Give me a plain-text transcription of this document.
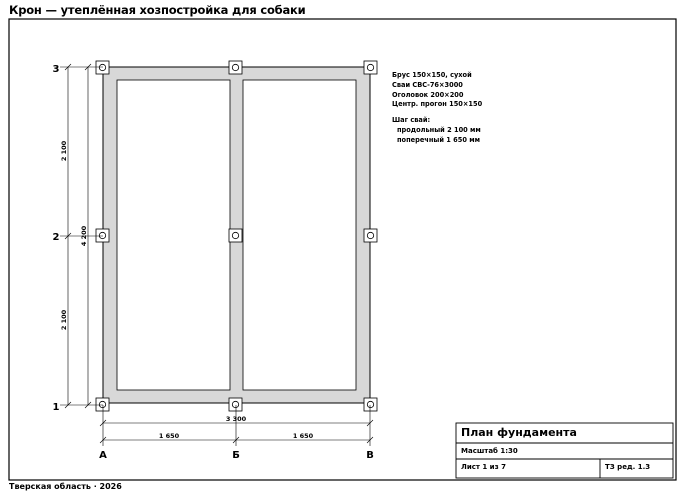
Крон — утеплённая хозпостройка для собаки
3
2
1
2 100
2 100
4 200
3 300
1 650	1 650
А	Б	В
Брус 150×150, сухой
Сваи СВС-76×3000
Оголовок 200×200
Центр. прогон 150×150
Шаг свай:
продольный 2 100 мм
поперечный 1 650 мм
План фундамента
Масштаб 1:30
Лист 1 из 7	ТЗ ред. 1.3
Тверская область · 2026
